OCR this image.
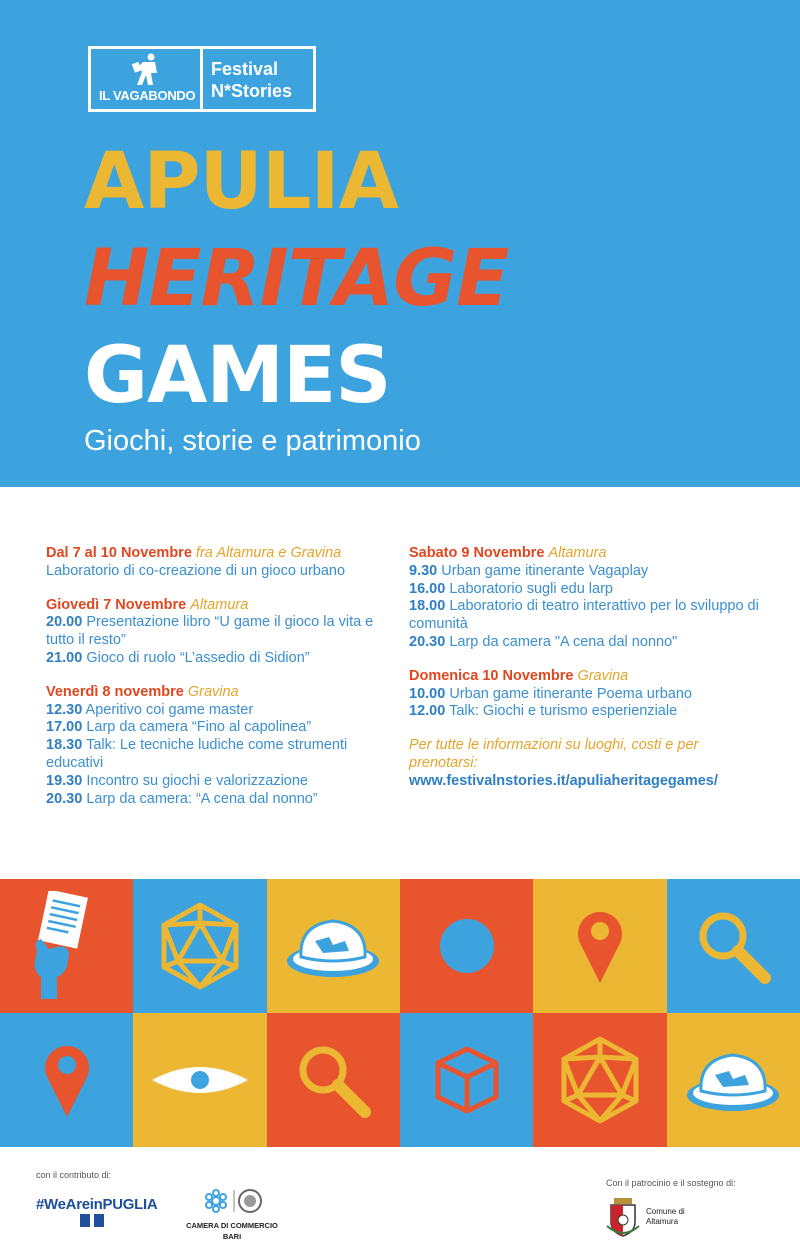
IL VAGABONDO
Festival
N*Stories
APULIA
HERITAGE
GAMES
Giochi, storie e patrimonio
Dal 7 al 10 Novembre fra Altamura e Gravina
Laboratorio di co-creazione di un gioco urbano
Giovedì 7 Novembre Altamura
20.00 Presentazione libro “U game il gioco la vita e tutto il resto”
21.00 Gioco di ruolo “L’assedio di Sidion”
Venerdì 8 novembre Gravina
12.30 Aperitivo coi game master
17.00 Larp da camera “Fino al capolinea”
18.30 Talk: Le tecniche ludiche come strumenti educativi
19.30 Incontro su giochi e valorizzazione
20.30 Larp da camera: “A cena dal nonno”
Sabato 9 Novembre Altamura
9.30 Urban game itinerante Vagaplay
16.00 Laboratorio sugli edu larp
18.00 Laboratorio di teatro interattivo per lo sviluppo di comunità
20.30 Larp da camera "A cena dal nonno"
Domenica 10 Novembre Gravina
10.00 Urban game itinerante Poema urbano
12.00 Talk: Giochi e turismo esperienziale
Per tutte le informazioni su luoghi, costi e per prenotarsi:
www.festivalnstories.it/apuliaheritagegames/
con il contributo di:
#WeAreinPUGLIA
CAMERA DI COMMERCIO
BARI
Con il patrocinio e il sostegno di:
Comune di
Altamura
